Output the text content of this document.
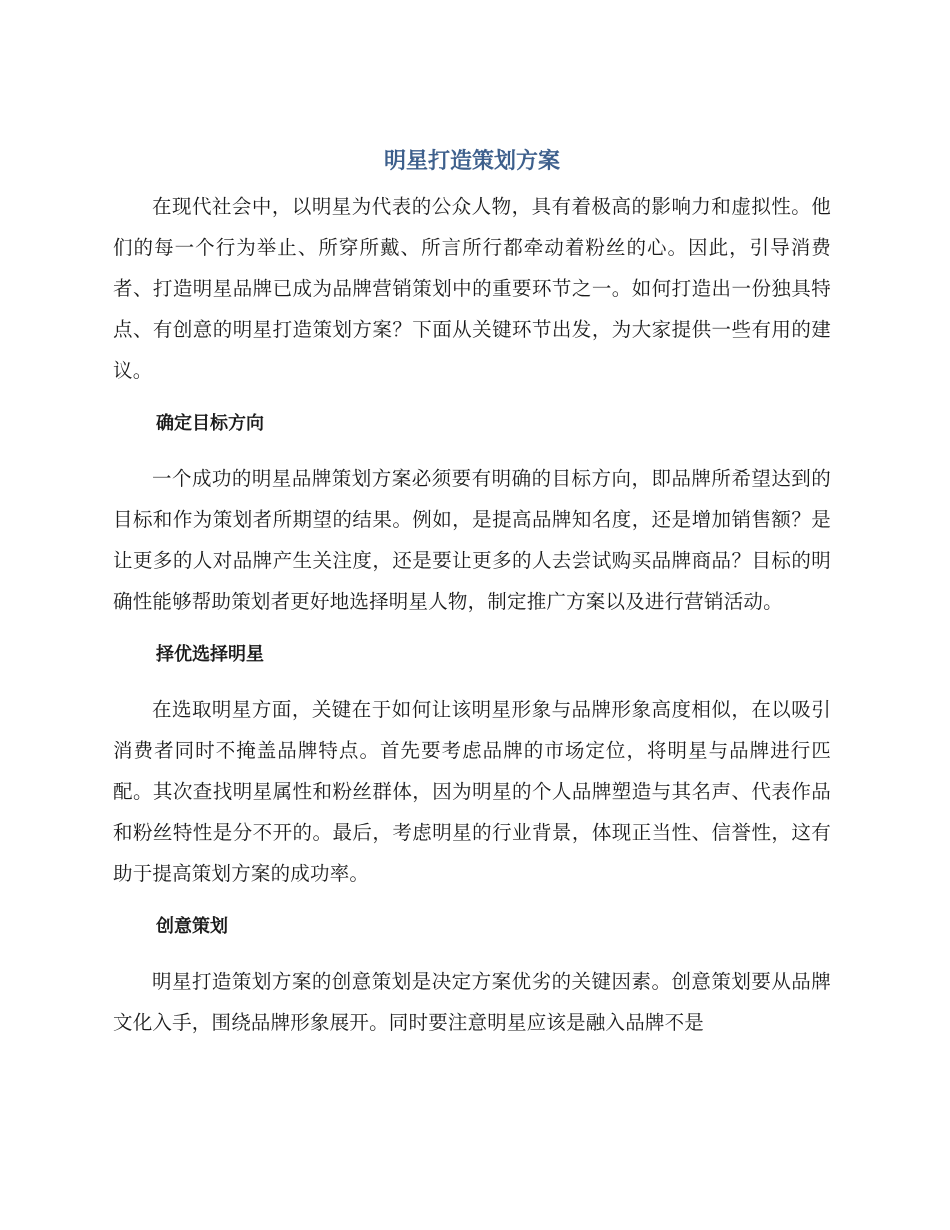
明星打造策划方案

在现代社会中，以明星为代表的公众人物，具有着极高的影响力和虚拟性。他们的每一个行为举止、所穿所戴、所言所行都牵动着粉丝的心。因此，引导消费者、打造明星品牌已成为品牌营销策划中的重要环节之一。如何打造出一份独具特点、有创意的明星打造策划方案？下面从关键环节出发，为大家提供一些有用的建议。

确定目标方向

一个成功的明星品牌策划方案必须要有明确的目标方向，即品牌所希望达到的目标和作为策划者所期望的结果。例如，是提高品牌知名度，还是增加销售额？是让更多的人对品牌产生关注度，还是要让更多的人去尝试购买品牌商品？目标的明确性能够帮助策划者更好地选择明星人物，制定推广方案以及进行营销活动。

择优选择明星

在选取明星方面，关键在于如何让该明星形象与品牌形象高度相似，在以吸引消费者同时不掩盖品牌特点。首先要考虑品牌的市场定位，将明星与品牌进行匹配。其次查找明星属性和粉丝群体，因为明星的个人品牌塑造与其名声、代表作品和粉丝特性是分不开的。最后，考虑明星的行业背景，体现正当性、信誉性，这有助于提高策划方案的成功率。

创意策划

明星打造策划方案的创意策划是决定方案优劣的关键因素。创意策划要从品牌文化入手，围绕品牌形象展开。同时要注意明星应该是融入品牌不是
